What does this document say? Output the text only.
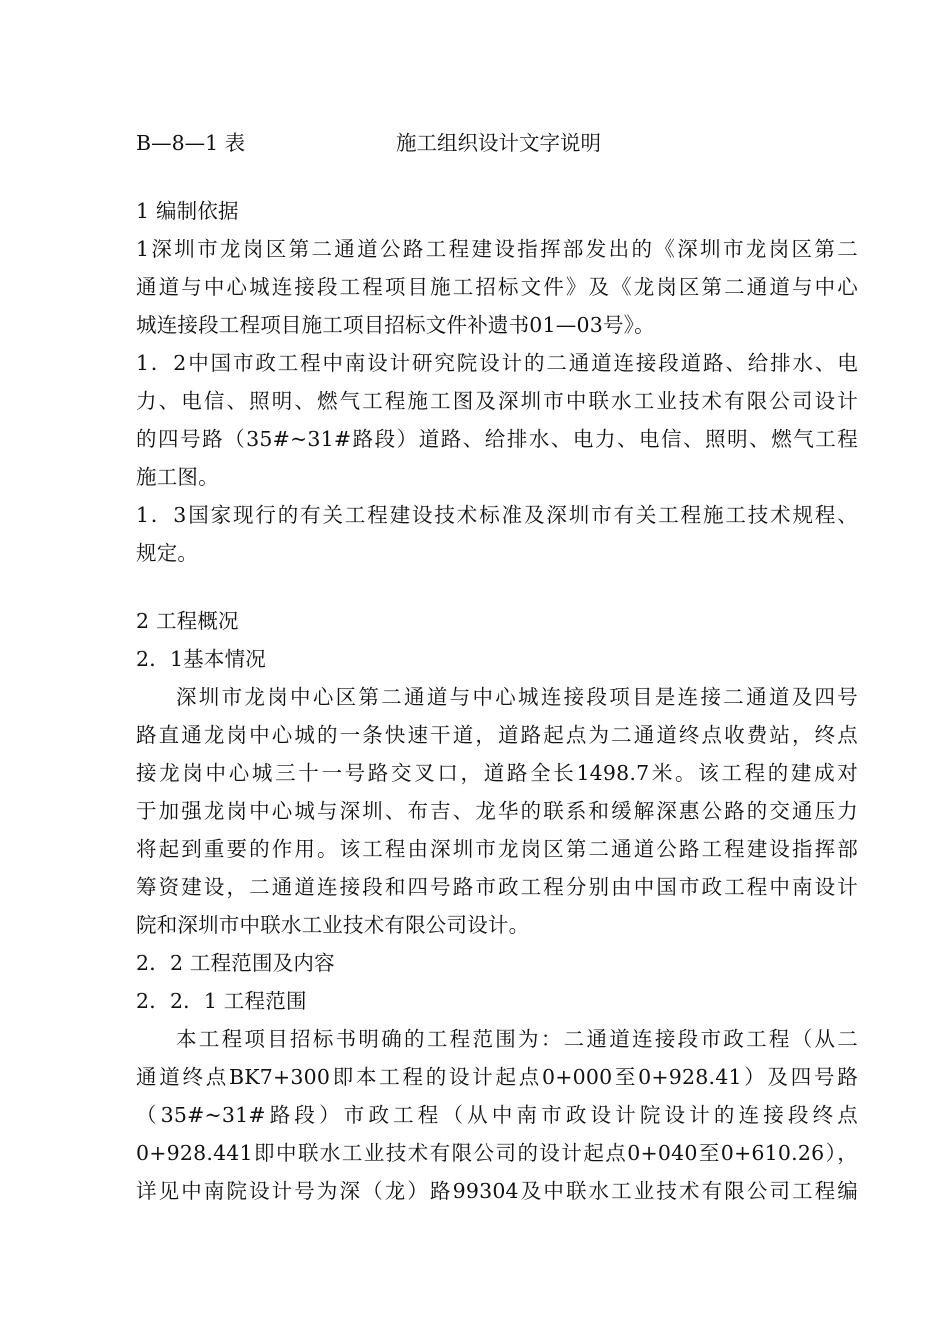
B—8—1 表	施工组织设计文字说明
1 编制依据
1深圳市龙岗区第二通道公路工程建设指挥部发出的《深圳市龙岗区第二
通道与中心城连接段工程项目施工招标文件》及《龙岗区第二通道与中心
城连接段工程项目施工项目招标文件补遗书01—03号》。
1．2中国市政工程中南设计研究院设计的二通道连接段道路、给排水、电
力、电信、照明、燃气工程施工图及深圳市中联水工业技术有限公司设计
的四号路（35#~31#路段）道路、给排水、电力、电信、照明、燃气工程
施工图。
1．3国家现行的有关工程建设技术标准及深圳市有关工程施工技术规程、
规定。
2 工程概况
2．1基本情况
深圳市龙岗中心区第二通道与中心城连接段项目是连接二通道及四号
路直通龙岗中心城的一条快速干道，道路起点为二通道终点收费站，终点
接龙岗中心城三十一号路交叉口，道路全长1498.7米。该工程的建成对
于加强龙岗中心城与深圳、布吉、龙华的联系和缓解深惠公路的交通压力
将起到重要的作用。该工程由深圳市龙岗区第二通道公路工程建设指挥部
筹资建设，二通道连接段和四号路市政工程分别由中国市政工程中南设计
院和深圳市中联水工业技术有限公司设计。
2．2 工程范围及内容
2．2．1 工程范围
本工程项目招标书明确的工程范围为：二通道连接段市政工程（从二
通道终点BK7+300即本工程的设计起点0+000至0+928.41）及四号路
（35#~31#路段）市政工程（从中南市政设计院设计的连接段终点
0+928.441即中联水工业技术有限公司的设计起点0+040至0+610.26），
详见中南院设计号为深（龙）路99304及中联水工业技术有限公司工程编
